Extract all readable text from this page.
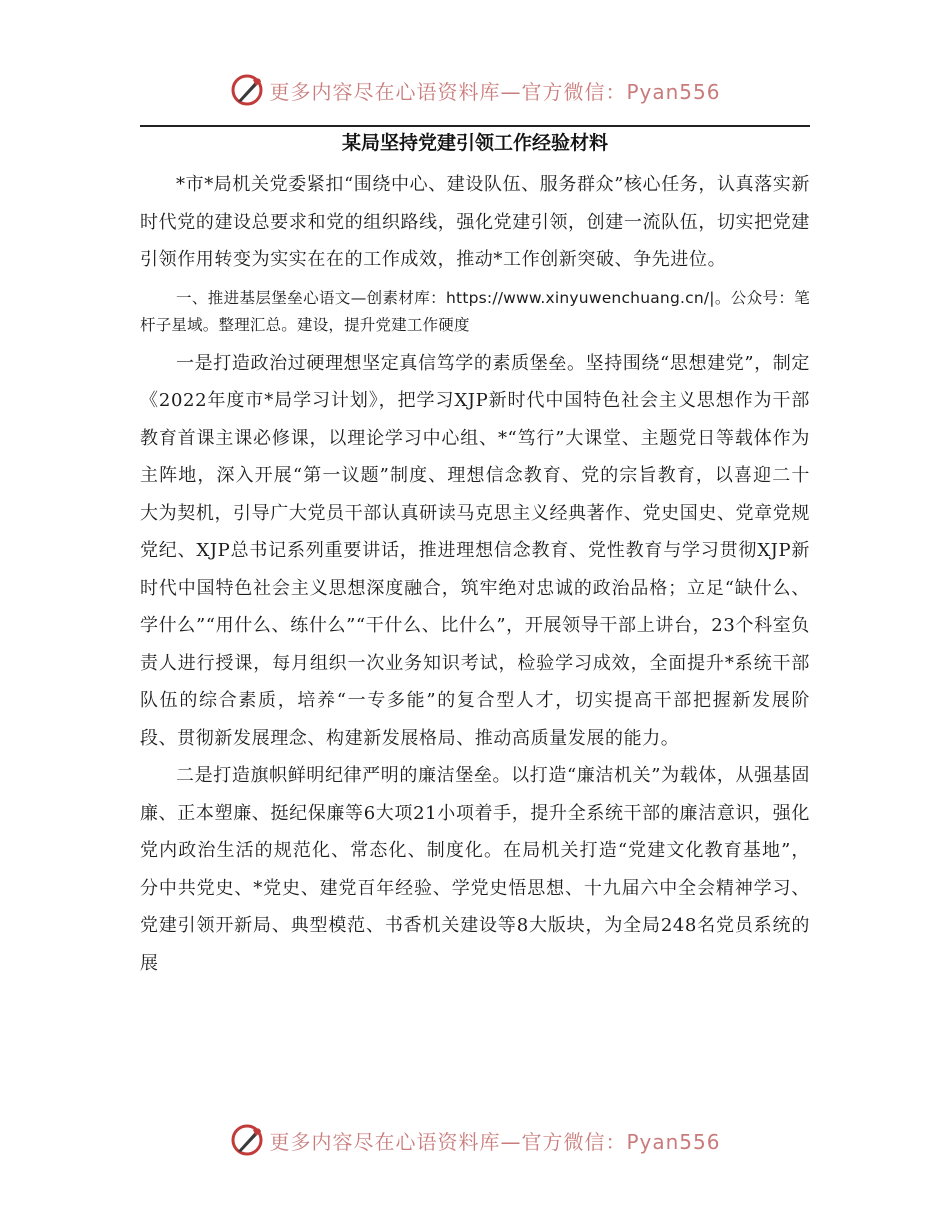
更多内容尽在心语资料库—官方微信：Pyan556
某局坚持党建引领工作经验材料

*市*局机关党委紧扣“围绕中心、建设队伍、服务群众”核心任务，认真落实新时代党的建设总要求和党的组织路线，强化党建引领，创建一流队伍，切实把党建引领作用转变为实实在在的工作成效，推动*工作创新突破、争先进位。

一、推进基层堡垒心语文—创素材库：https://www.xinyuwenchuang.cn/|。公众号：笔杆子星域。整理汇总。建设，提升党建工作硬度

一是打造政治过硬理想坚定真信笃学的素质堡垒。坚持围绕“思想建党”，制定《2022年度市*局学习计划》，把学习XJP新时代中国特色社会主义思想作为干部教育首课主课必修课，以理论学习中心组、*“笃行”大课堂、主题党日等载体作为主阵地，深入开展“第一议题”制度、理想信念教育、党的宗旨教育，以喜迎二十大为契机，引导广大党员干部认真研读马克思主义经典著作、党史国史、党章党规党纪、XJP总书记系列重要讲话，推进理想信念教育、党性教育与学习贯彻XJP新时代中国特色社会主义思想深度融合，筑牢绝对忠诚的政治品格；立足“缺什么、学什么”“用什么、练什么”“干什么、比什么”，开展领导干部上讲台，23个科室负责人进行授课，每月组织一次业务知识考试，检验学习成效，全面提升*系统干部队伍的综合素质，培养“一专多能”的复合型人才，切实提高干部把握新发展阶段、贯彻新发展理念、构建新发展格局、推动高质量发展的能力。

二是打造旗帜鲜明纪律严明的廉洁堡垒。以打造“廉洁机关”为载体，从强基固廉、正本塑廉、挺纪保廉等6大项21小项着手，提升全系统干部的廉洁意识，强化党内政治生活的规范化、常态化、制度化。在局机关打造“党建文化教育基地”，分中共党史、*党史、建党百年经验、学党史悟思想、十九届六中全会精神学习、党建引领开新局、典型模范、书香机关建设等8大版块，为全局248名党员系统的展

更多内容尽在心语资料库—官方微信：Pyan556
